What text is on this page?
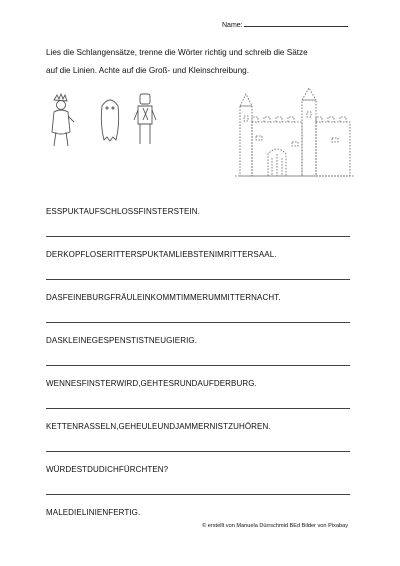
Name:
Lies die Schlangensätze, trenne die Wörter richtig und schreib die Sätze
auf die Linien. Achte auf die Groß- und Kleinschreibung.
ESSPUKTAUFSCHLOSSFINSTERSTEIN.
DERKOPFLOSERITTERSPUKTAMLIEBSTENIMRITTERSAAL.
DASFEINEBURGFRÄULEINKOMMTIMMERUMMITTERNACHT.
DASKLEINEGESPENSTISTNEUGIERIG.
WENNESFINSTERWIRD,GEHTESRUNDAUFDERBURG.
KETTENRASSELN,GEHEULEUNDJAMMERNISTZUHÖREN.
WÜRDESTDUDICHFÜRCHTEN?
MALEDIELINIENFERTIG.
© erstellt von Manuela Dürrschmid BEd Bilder von Pixabay
